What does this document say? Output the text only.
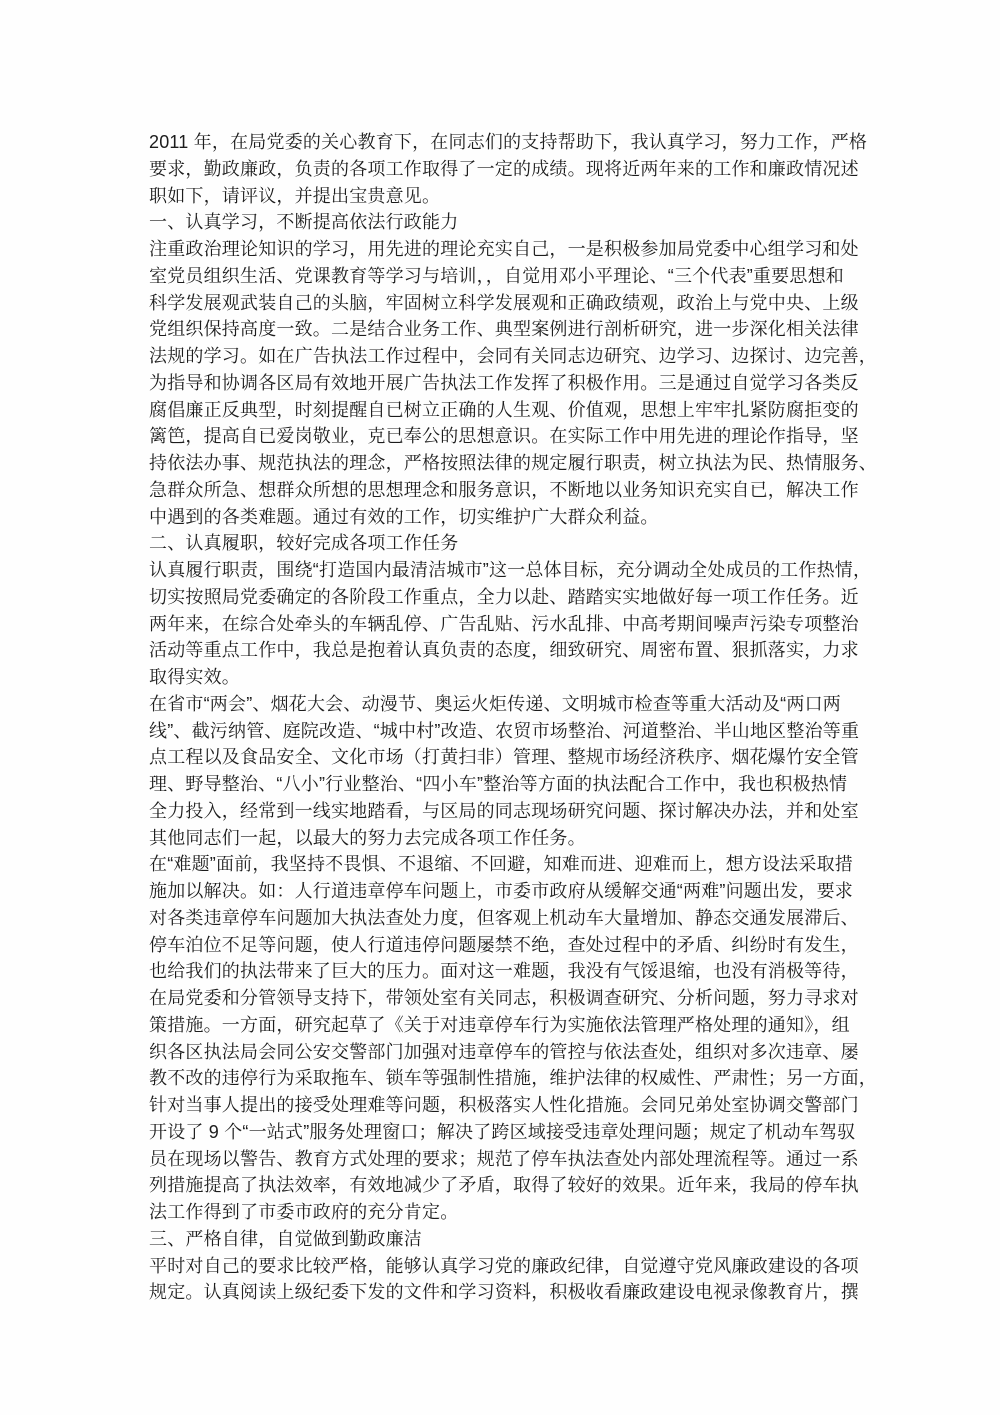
2011 年，在局党委的关心教育下，在同志们的支持帮助下，我认真学习，努力工作，严格
要求，勤政廉政，负责的各项工作取得了一定的成绩。现将近两年来的工作和廉政情况述
职如下，请评议，并提出宝贵意见。
一、认真学习，不断提高依法行政能力
注重政治理论知识的学习，用先进的理论充实自己，一是积极参加局党委中心组学习和处
室党员组织生活、党课教育等学习与培训，，自觉用邓小平理论、“三个代表”重要思想和
科学发展观武装自己的头脑，牢固树立科学发展观和正确政绩观，政治上与党中央、上级
党组织保持高度一致。二是结合业务工作、典型案例进行剖析研究，进一步深化相关法律
法规的学习。如在广告执法工作过程中，会同有关同志边研究、边学习、边探讨、边完善，
为指导和协调各区局有效地开展广告执法工作发挥了积极作用。三是通过自觉学习各类反
腐倡廉正反典型，时刻提醒自已树立正确的人生观、价值观，思想上牢牢扎紧防腐拒变的
篱笆，提高自已爱岗敬业，克已奉公的思想意识。在实际工作中用先进的理论作指导，坚
持依法办事、规范执法的理念，严格按照法律的规定履行职责，树立执法为民、热情服务、
急群众所急、想群众所想的思想理念和服务意识，不断地以业务知识充实自已，解决工作
中遇到的各类难题。通过有效的工作，切实维护广大群众利益。
二、认真履职，较好完成各项工作任务
认真履行职责，围绕“打造国内最清洁城市”这一总体目标，充分调动全处成员的工作热情，
切实按照局党委确定的各阶段工作重点，全力以赴、踏踏实实地做好每一项工作任务。近
两年来，在综合处牵头的车辆乱停、广告乱贴、污水乱排、中高考期间噪声污染专项整治
活动等重点工作中，我总是抱着认真负责的态度，细致研究、周密布置、狠抓落实，力求
取得实效。
在省市“两会”、烟花大会、动漫节、奥运火炬传递、文明城市检查等重大活动及“两口两
线”、截污纳管、庭院改造、“城中村”改造、农贸市场整治、河道整治、半山地区整治等重
点工程以及食品安全、文化市场（打黄扫非）管理、整规市场经济秩序、烟花爆竹安全管
理、野导整治、“八小”行业整治、“四小车”整治等方面的执法配合工作中，我也积极热情
全力投入，经常到一线实地踏看，与区局的同志现场研究问题、探讨解决办法，并和处室
其他同志们一起，以最大的努力去完成各项工作任务。
在“难题”面前，我坚持不畏惧、不退缩、不回避，知难而进、迎难而上，想方设法采取措
施加以解决。如：人行道违章停车问题上，市委市政府从缓解交通“两难”问题出发，要求
对各类违章停车问题加大执法查处力度，但客观上机动车大量增加、静态交通发展滞后、
停车泊位不足等问题，使人行道违停问题屡禁不绝，查处过程中的矛盾、纠纷时有发生，
也给我们的执法带来了巨大的压力。面对这一难题，我没有气馁退缩，也没有消极等待，
在局党委和分管领导支持下，带领处室有关同志，积极调查研究、分析问题，努力寻求对
策措施。一方面，研究起草了《关于对违章停车行为实施依法管理严格处理的通知》，组
织各区执法局会同公安交警部门加强对违章停车的管控与依法查处，组织对多次违章、屡
教不改的违停行为采取拖车、锁车等强制性措施，维护法律的权威性、严肃性；另一方面，
针对当事人提出的接受处理难等问题，积极落实人性化措施。会同兄弟处室协调交警部门
开设了 9 个“一站式”服务处理窗口；解决了跨区域接受违章处理问题；规定了机动车驾驭
员在现场以警告、教育方式处理的要求；规范了停车执法查处内部处理流程等。通过一系
列措施提高了执法效率，有效地减少了矛盾，取得了较好的效果。近年来，我局的停车执
法工作得到了市委市政府的充分肯定。
三、严格自律，自觉做到勤政廉洁
平时对自己的要求比较严格，能够认真学习党的廉政纪律，自觉遵守党风廉政建设的各项
规定。认真阅读上级纪委下发的文件和学习资料，积极收看廉政建设电视录像教育片，撰
